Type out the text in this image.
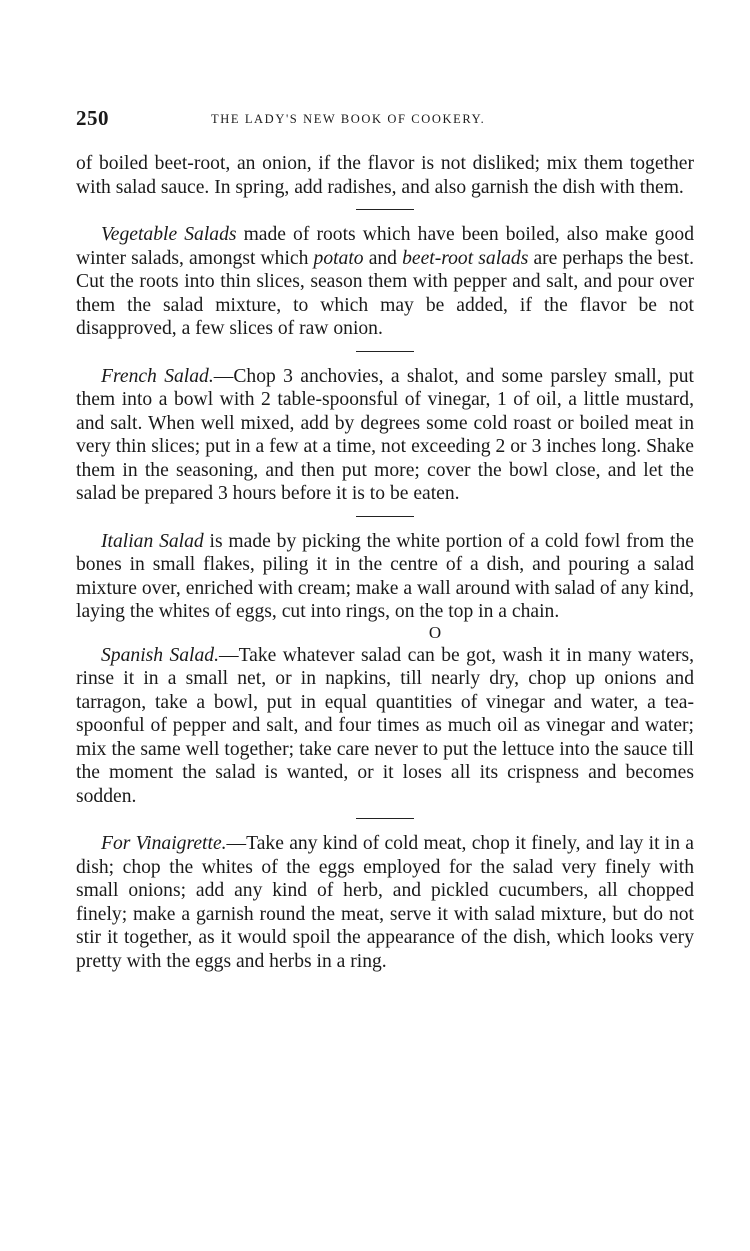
250	THE LADY'S NEW BOOK OF COOKERY.

of boiled beet-root, an onion, if the flavor is not disliked; mix them together with salad sauce. In spring, add radishes, and also garnish the dish with them.

Vegetable Salads made of roots which have been boiled, also make good winter salads, amongst which potato and beet-root salads are perhaps the best. Cut the roots into thin slices, season them with pepper and salt, and pour over them the salad mixture, to which may be added, if the flavor be not disapproved, a few slices of raw onion.

French Salad.—Chop 3 anchovies, a shalot, and some parsley small, put them into a bowl with 2 table-spoonsful of vinegar, 1 of oil, a little mustard, and salt. When well mixed, add by degrees some cold roast or boiled meat in very thin slices; put in a few at a time, not exceeding 2 or 3 inches long. Shake them in the seasoning, and then put more; cover the bowl close, and let the salad be prepared 3 hours before it is to be eaten.

Italian Salad is made by picking the white portion of a cold fowl from the bones in small flakes, piling it in the centre of a dish, and pouring a salad mixture over, enriched with cream; make a wall around with salad of any kind, laying the whites of eggs, cut into rings, on the top in a chain.

O

Spanish Salad.—Take whatever salad can be got, wash it in many waters, rinse it in a small net, or in napkins, till nearly dry, chop up onions and tarragon, take a bowl, put in equal quantities of vinegar and water, a tea-spoonful of pepper and salt, and four times as much oil as vinegar and water; mix the same well together; take care never to put the lettuce into the sauce till the moment the salad is wanted, or it loses all its crispness and becomes sodden.

For Vinaigrette.—Take any kind of cold meat, chop it finely, and lay it in a dish; chop the whites of the eggs employed for the salad very finely with small onions; add any kind of herb, and pickled cucumbers, all chopped finely; make a garnish round the meat, serve it with salad mixture, but do not stir it together, as it would spoil the appearance of the dish, which looks very pretty with the eggs and herbs in a ring.
